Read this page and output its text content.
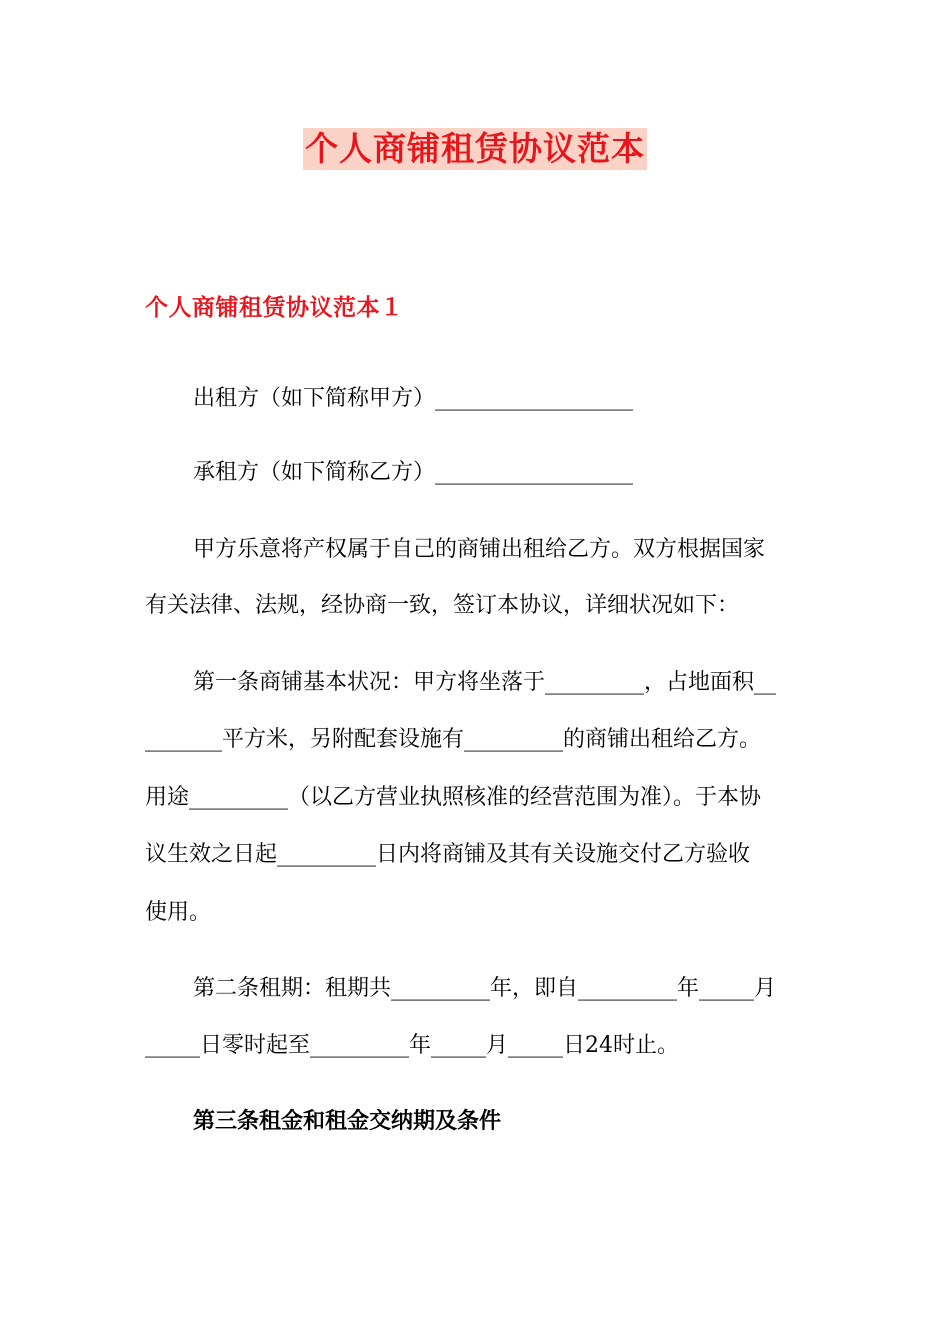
个人商铺租赁协议范本
个人商铺租赁协议范本１
出租方（如下简称甲方）__________________
承租方（如下简称乙方）__________________
甲方乐意将产权属于自己的商铺出租给乙方。双方根据国家
有关法律、法规，经协商一致，签订本协议，详细状况如下：
第一条商铺基本状况：甲方将坐落于_________，占地面积__
_______平方米，另附配套设施有_________的商铺出租给乙方。
用途_________（以乙方营业执照核准的经营范围为准）。于本协
议生效之日起_________日内将商铺及其有关设施交付乙方验收
使用。
第二条租期：租期共_________年，即自_________年_____月
_____日零时起至_________年_____月_____日24时止。
第三条租金和租金交纳期及条件
